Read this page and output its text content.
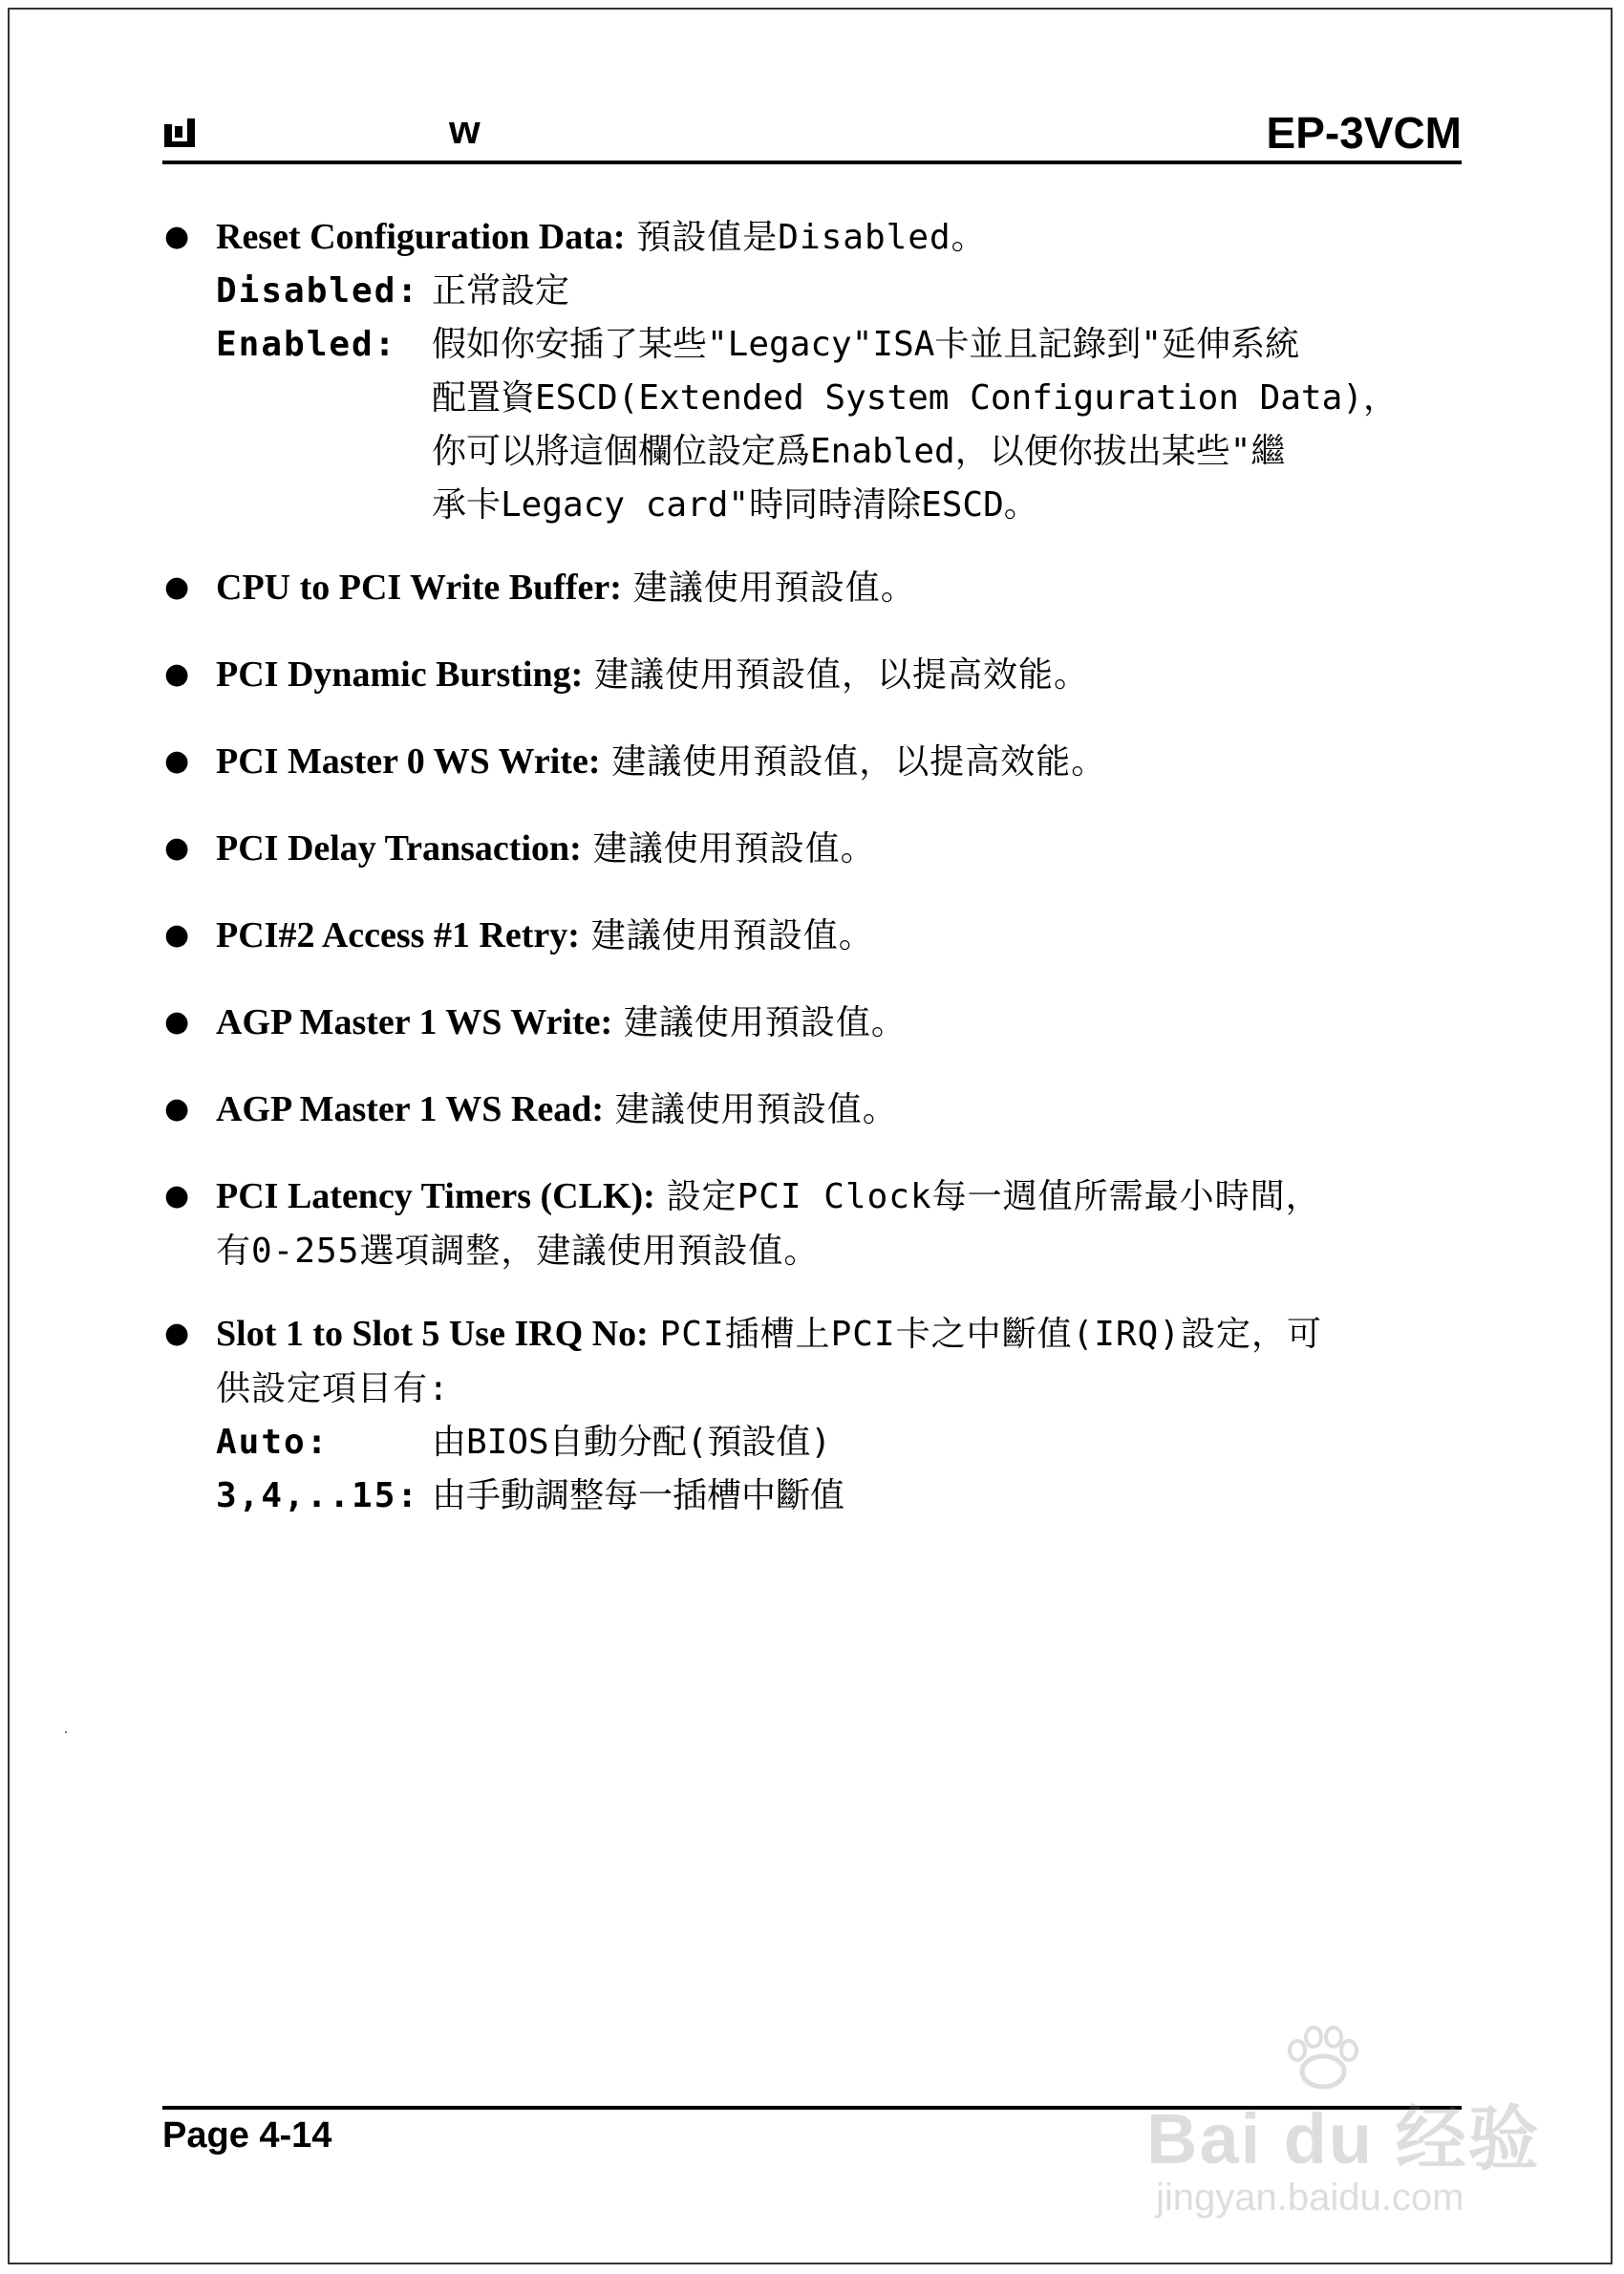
w	EP-3VCM
● Reset Configuration Data: 預設值是Disabled。
Disabled: 正常設定
Enabled:	假如你安插了某些"Legacy"ISA卡並且記錄到"延伸系統
配置資ESCD(Extended System Configuration Data)，
你可以將這個欄位設定爲Enabled，以便你拔出某些"繼
承卡Legacy card"時同時清除ESCD。
● CPU to PCI Write Buffer: 建議使用預設值。
● PCI Dynamic Bursting: 建議使用預設值，以提高效能。
● PCI Master 0 WS Write: 建議使用預設值，以提高效能。
● PCI Delay Transaction: 建議使用預設值。
● PCI#2 Access #1 Retry: 建議使用預設值。
● AGP Master 1 WS Write: 建議使用預設值。
● AGP Master 1 WS Read: 建議使用預設值。
● PCI Latency Timers (CLK): 設定PCI Clock每一週值所需最小時間，
有0-255選項調整，建議使用預設值。
● Slot 1 to Slot 5 Use IRQ No: PCI插槽上PCI卡之中斷值(IRQ)設定，可
供設定項目有:
Auto:	由BIOS自動分配(預設值)
3,4,..15: 由手動調整每一插槽中斷值
Page 4-14	Bai du 经验
jingyan.baidu.com
